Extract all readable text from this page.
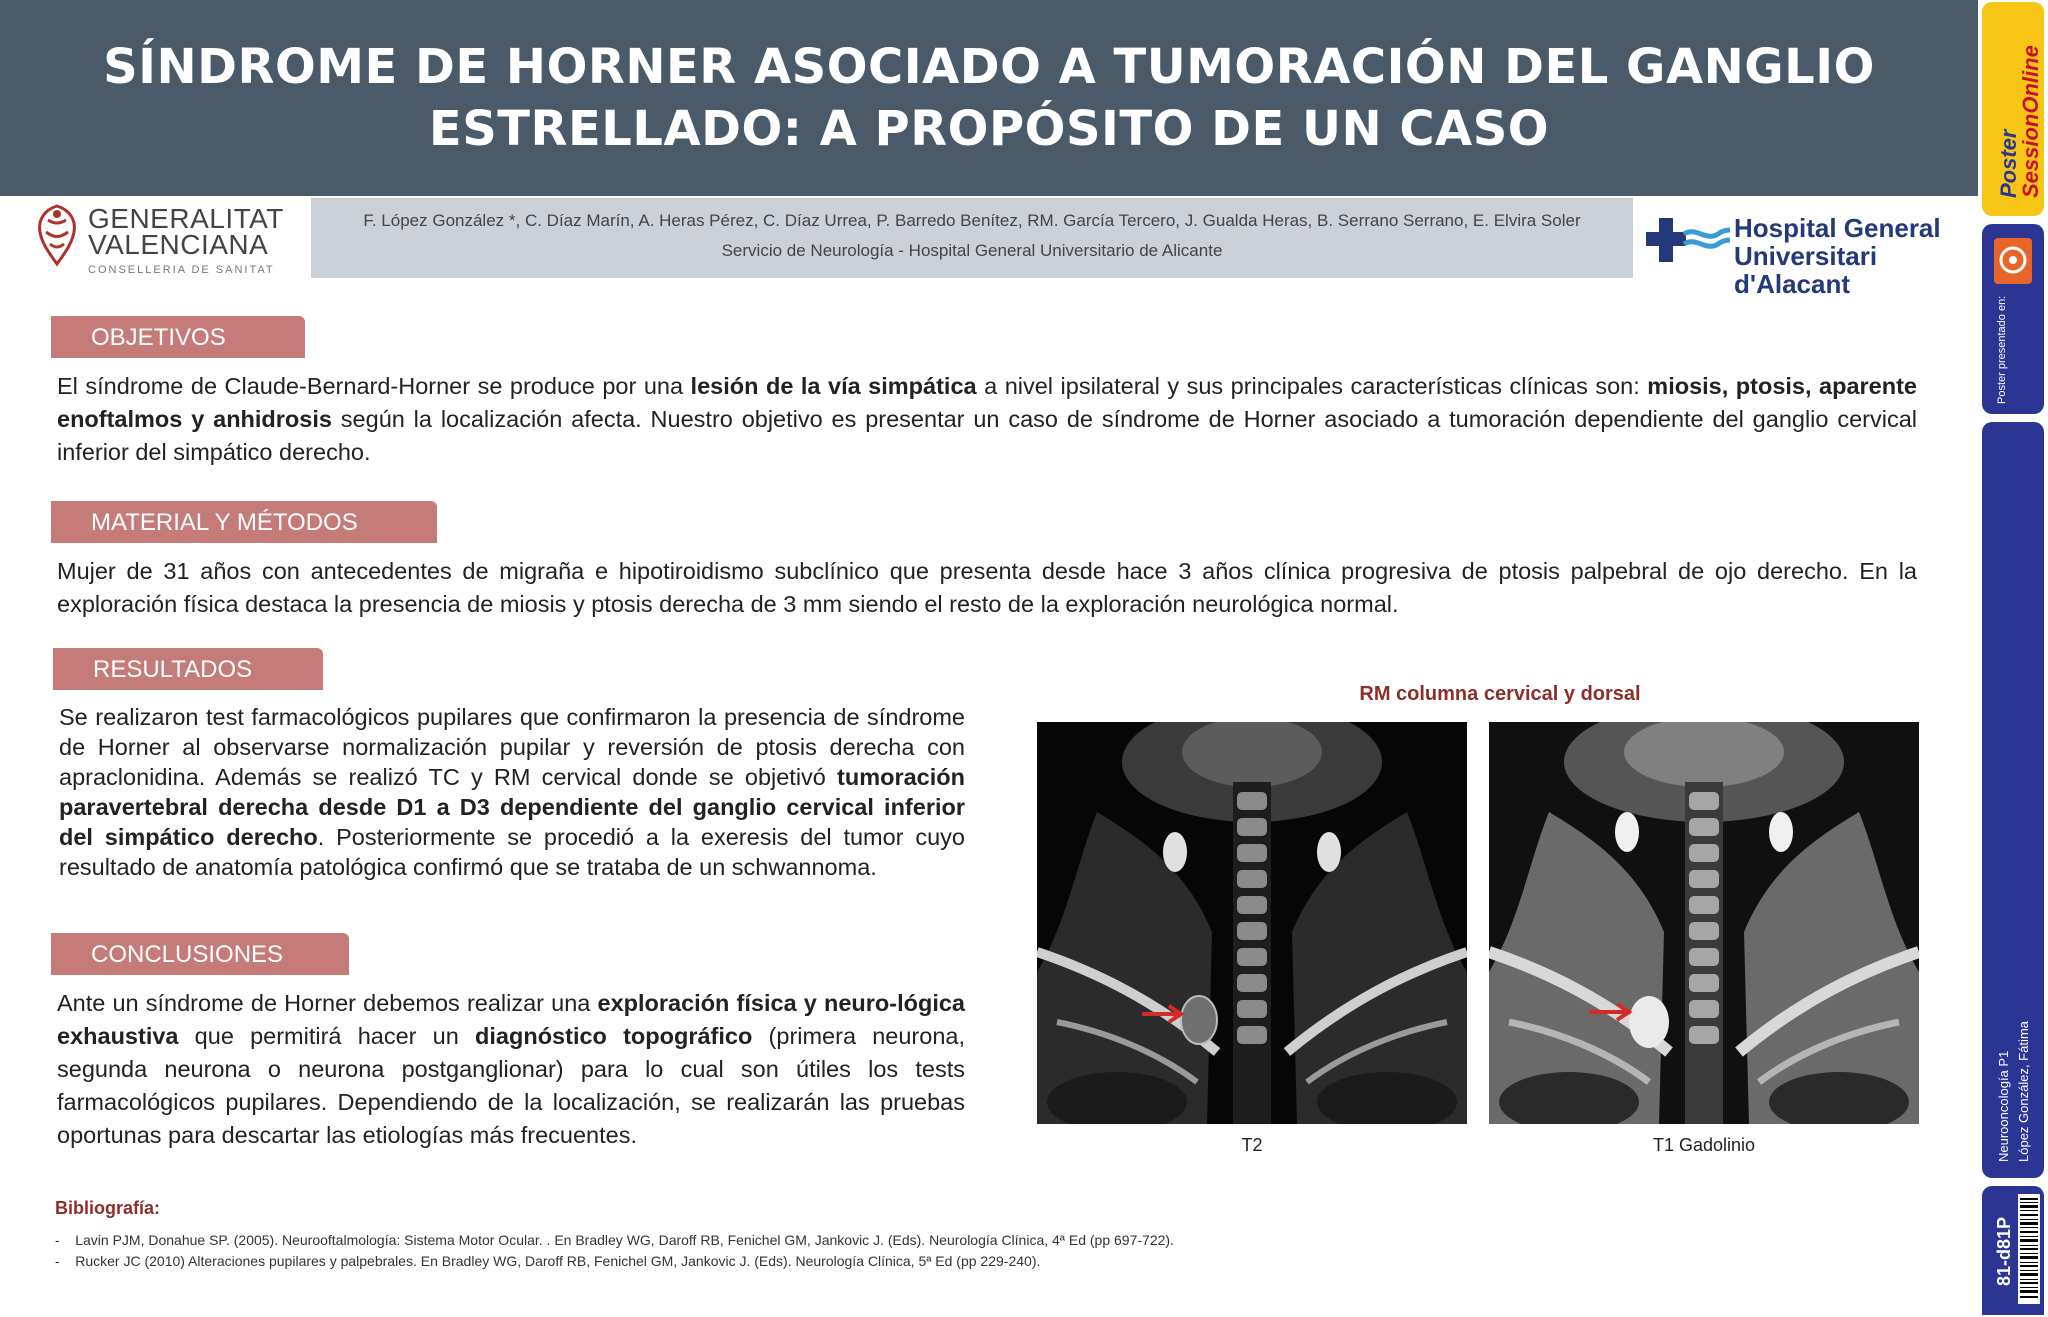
SÍNDROME DE HORNER ASOCIADO A TUMORACIÓN DEL GANGLIO
ESTRELLADO: A PROPÓSITO DE UN CASO
GENERALITAT
VALENCIANA
CONSELLERIA DE SANITAT
F. López González *, C. Díaz Marín, A. Heras Pérez, C. Díaz Urrea, P. Barredo Benítez, RM. García Tercero, J. Gualda Heras, B. Serrano Serrano, E. Elvira Soler
Servicio de Neurología - Hospital General Universitario de Alicante
Hospital General
Universitari d'Alacant
OBJETIVOS
El síndrome de Claude-Bernard-Horner se produce por una lesión de la vía simpática a nivel ipsilateral y sus principales características clínicas son: miosis, ptosis, aparente enoftalmos y anhidrosis según la localización afecta. Nuestro objetivo es presentar un caso de síndrome de Horner asociado a tumoración dependiente del ganglio cervical inferior del simpático derecho.
MATERIAL Y MÉTODOS
Mujer de 31 años con antecedentes de migraña e hipotiroidismo subclínico que presenta desde hace 3 años clínica progresiva de ptosis palpebral de ojo derecho. En la exploración física destaca la presencia de miosis y ptosis derecha de 3 mm siendo el resto de la exploración neurológica normal.
RESULTADOS
Se realizaron test farmacológicos pupilares que confirmaron la presencia de síndrome de Horner al observarse normalización pupilar y reversión de ptosis derecha con apraclonidina. Además se realizó TC y RM cervical donde se objetivó tumoración paravertebral derecha desde D1 a D3 dependiente del ganglio cervical inferior del simpático derecho. Posteriormente se procedió a la exeresis del tumor cuyo resultado de anatomía patológica confirmó que se trataba de un schwannoma.
CONCLUSIONES
Ante un síndrome de Horner debemos realizar una exploración física y neuro-lógica exhaustiva que permitirá hacer un diagnóstico topográfico (primera neurona, segunda neurona o neurona postganglionar) para lo cual son útiles los tests farmacológicos pupilares. Dependiendo de la localización, se realizarán las pruebas oportunas para descartar las etiologías más frecuentes.
RM columna cervical y dorsal
T2	T1 Gadolinio
Bibliografía:
-    Lavin PJM, Donahue SP. (2005). Neurooftalmología: Sistema Motor Ocular. . En Bradley WG, Daroff RB, Fenichel GM, Jankovic J. (Eds). Neurología Clínica, 4ª Ed (pp 697-722).
-    Rucker JC (2010) Alteraciones pupilares y palpebrales. En Bradley WG, Daroff RB, Fenichel GM, Jankovic J. (Eds). Neurología Clínica, 5ª Ed (pp 229-240).
Poster
SessionOnline
Poster presentado en:
Neurooncología P1 López González, Fátima
81-d81P
